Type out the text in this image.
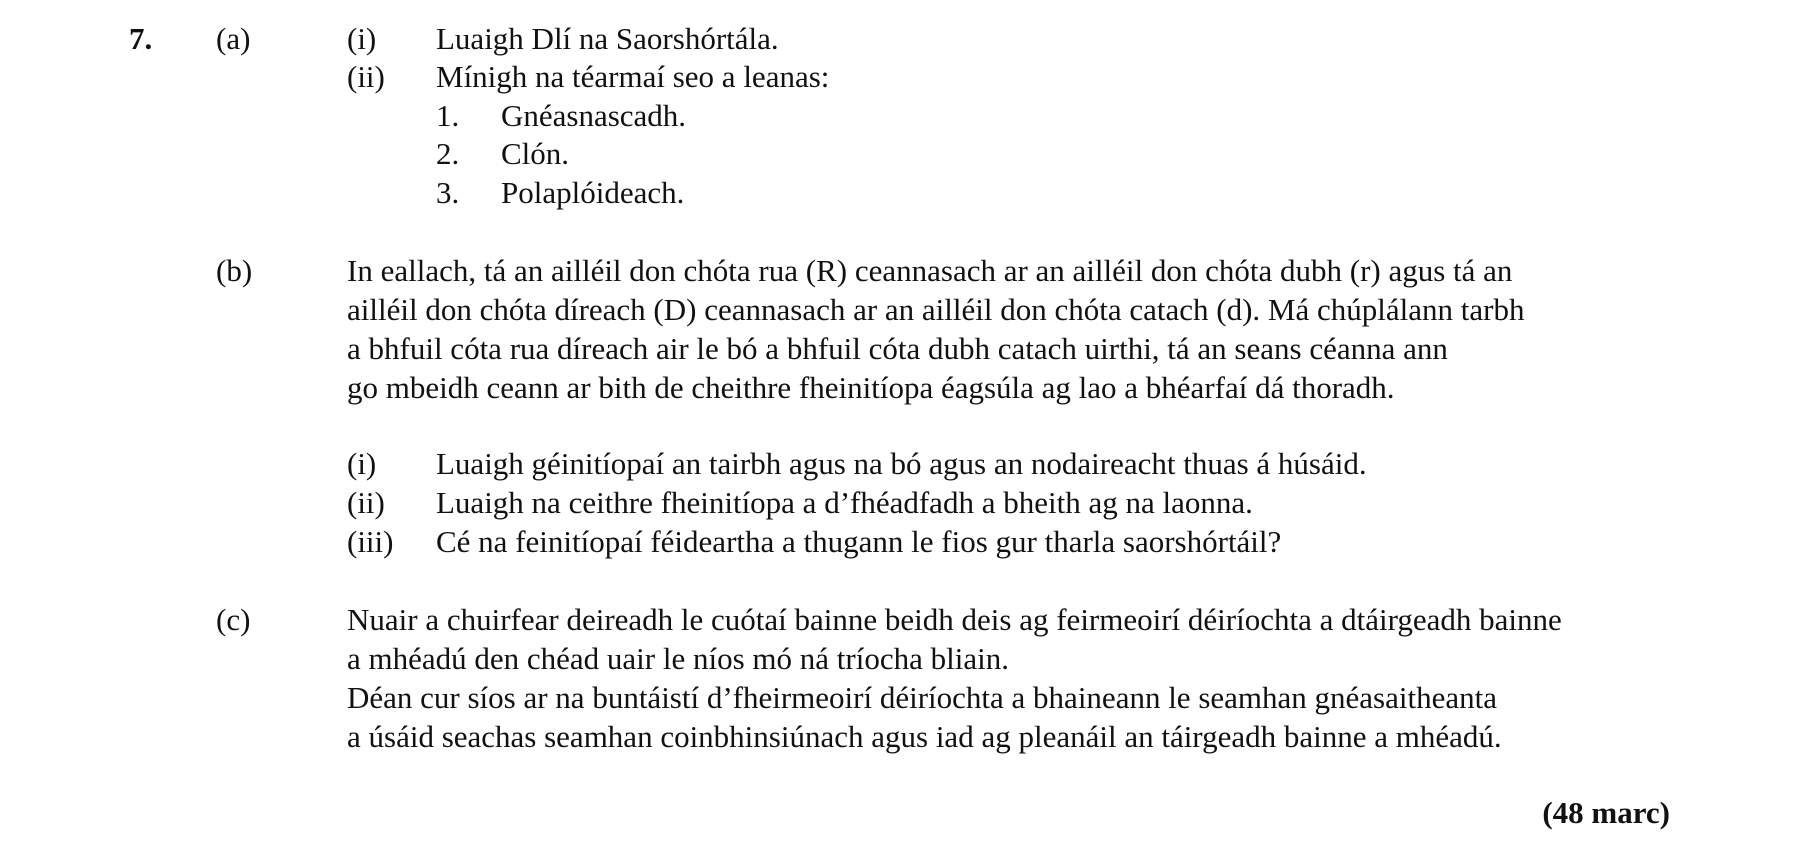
7. (a)	(i) Luaigh Dlí na Saorshórtála.
(ii) Mínigh na téarmaí seo a leanas:
1. Gnéasnascadh.
2. Clón.
3. Polaplóideach.
(b)	In eallach, tá an ailléil don chóta rua (R) ceannasach ar an ailléil don chóta dubh (r) agus tá an
ailléil don chóta díreach (D) ceannasach ar an ailléil don chóta catach (d). Má chúplálann tarbh
a bhfuil cóta rua díreach air le bó a bhfuil cóta dubh catach uirthi, tá an seans céanna ann
go mbeidh ceann ar bith de cheithre fheinitíopa éagsúla ag lao a bhéarfaí dá thoradh.
(i) Luaigh géinitíopaí an tairbh agus na bó agus an nodaireacht thuas á húsáid.
(ii) Luaigh na ceithre fheinitíopa a d’fhéadfadh a bheith ag na laonna.
(iii) Cé na feinitíopaí féideartha a thugann le fios gur tharla saorshórtáil?
(c)	Nuair a chuirfear deireadh le cuótaí bainne beidh deis ag feirmeoirí déiríochta a dtáirgeadh bainne
a mhéadú den chéad uair le níos mó ná tríocha bliain.
Déan cur síos ar na buntáistí d’fheirmeoirí déiríochta a bhaineann le seamhan gnéasaitheanta
a úsáid seachas seamhan coinbhinsiúnach agus iad ag pleanáil an táirgeadh bainne a mhéadú.
(48 marc)
